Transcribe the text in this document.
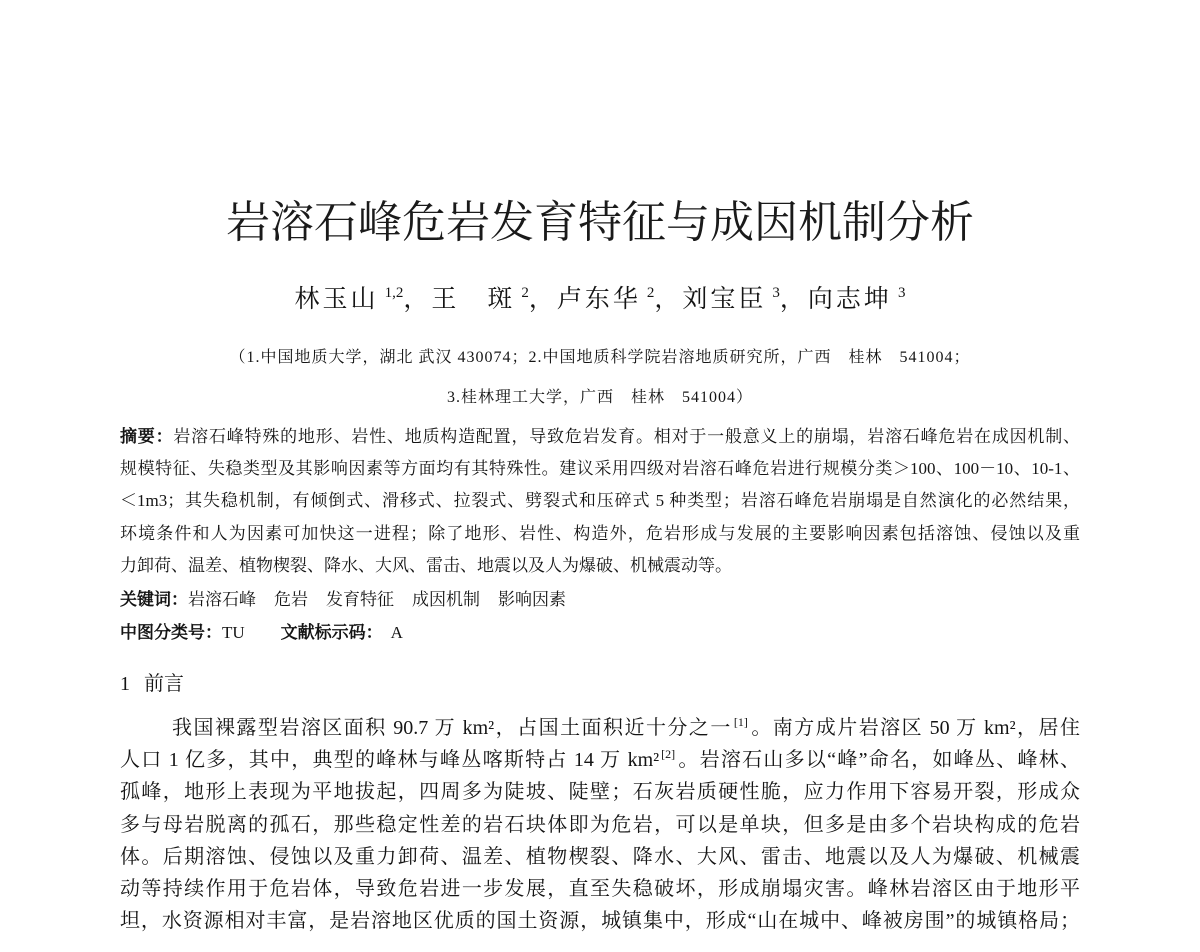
岩溶石峰危岩发育特征与成因机制分析
林玉山 $^{1,2}$，王　斑 $^2$，卢东华 $^2$，刘宝臣 $^3$，向志坤 $^3$
（1.中国地质大学，湖北 武汉 430074；2.中国地质科学院岩溶地质研究所，广西　桂林　541004；
3.桂林理工大学，广西　桂林　541004）
摘要：岩溶石峰特殊的地形、岩性、地质构造配置，导致危岩发育。相对于一般意义上的崩塌，岩溶石峰危岩在成因机制、
规模特征、失稳类型及其影响因素等方面均有其特殊性。建议采用四级对岩溶石峰危岩进行规模分类＞100、100－10、10-1、
＜1m3；其失稳机制，有倾倒式、滑移式、拉裂式、劈裂式和压碎式 5 种类型；岩溶石峰危岩崩塌是自然演化的必然结果，
环境条件和人为因素可加快这一进程；除了地形、岩性、构造外，危岩形成与发展的主要影响因素包括溶蚀、侵蚀以及重
力卸荷、温差、植物楔裂、降水、大风、雷击、地震以及人为爆破、机械震动等。
关键词：岩溶石峰 危岩 发育特征 成因机制 影响因素
中图分类号：TU 文献标示码： A
1 前言
我国裸露型岩溶区面积 90.7 万 km²，占国土面积近十分之一 [1] 。南方成片岩溶区 50 万 km²，居住
人口 1 亿多，其中，典型的峰林与峰丛喀斯特占 14 万 km² [2] 。岩溶石山多以“峰”命名，如峰丛、峰林、
孤峰，地形上表现为平地拔起，四周多为陡坡、陡壁；石灰岩质硬性脆，应力作用下容易开裂，形成众
多与母岩脱离的孤石，那些稳定性差的岩石块体即为危岩，可以是单块，但多是由多个岩块构成的危岩
体。后期溶蚀、侵蚀以及重力卸荷、温差、植物楔裂、降水、大风、雷击、地震以及人为爆破、机械震
动等持续作用于危岩体，导致危岩进一步发展，直至失稳破坏，形成崩塌灾害。峰林岩溶区由于地形平
坦，水资源相对丰富，是岩溶地区优质的国土资源，城镇集中，形成“山在城中、峰被房围”的城镇格局；
